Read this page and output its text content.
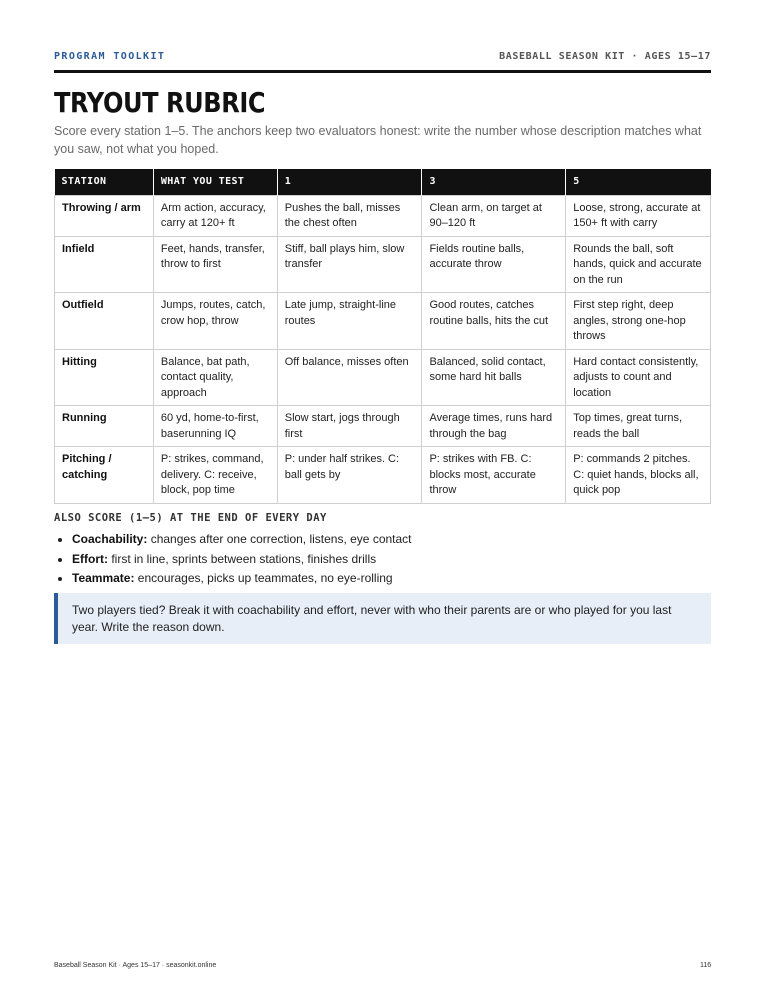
PROGRAM TOOLKIT	BASEBALL SEASON KIT · AGES 15–17
TRYOUT RUBRIC

Score every station 1–5. The anchors keep two evaluators honest: write the number whose description matches what you saw, not what you hoped.

STATION	WHAT YOU TEST	1	3	5
Throwing / arm	Arm action, accuracy, carry at 120+ ft	Pushes the ball, misses the chest often	Clean arm, on target at 90–120 ft	Loose, strong, accurate at 150+ ft with carry
Infield	Feet, hands, transfer, throw to first	Stiff, ball plays him, slow transfer	Fields routine balls, accurate throw	Rounds the ball, soft hands, quick and accurate on the run
Outfield	Jumps, routes, catch, crow hop, throw	Late jump, straight-line routes	Good routes, catches routine balls, hits the cut	First step right, deep angles, strong one-hop throws
Hitting	Balance, bat path, contact quality, approach	Off balance, misses often	Balanced, solid contact, some hard hit balls	Hard contact consistently, adjusts to count and location
Running	60 yd, home-to-first, baserunning IQ	Slow start, jogs through first	Average times, runs hard through the bag	Top times, great turns, reads the ball
Pitching / catching	P: strikes, command, delivery. C: receive, block, pop time	P: under half strikes. C: ball gets by	P: strikes with FB. C: blocks most, accurate throw	P: commands 2 pitches. C: quiet hands, blocks all, quick pop
ALSO SCORE (1–5) AT THE END OF EVERY DAY
• Coachability: changes after one correction, listens, eye contact
• Effort: first in line, sprints between stations, finishes drills
• Teammate: encourages, picks up teammates, no eye-rolling
Two players tied? Break it with coachability and effort, never with who their parents are or who played for you last year. Write the reason down.
Baseball Season Kit · Ages 15–17 · seasonkit.online	116
